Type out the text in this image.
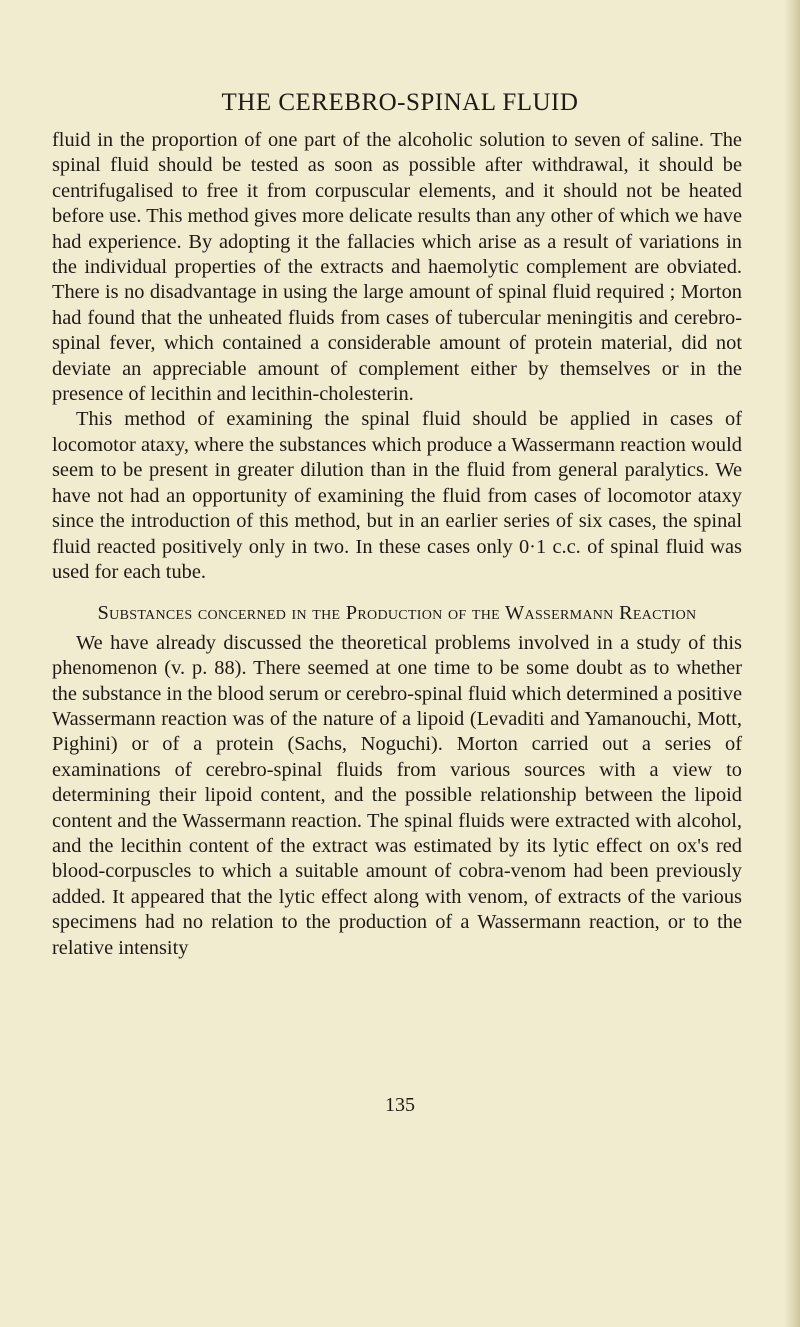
THE CEREBRO-SPINAL FLUID

fluid in the proportion of one part of the alcoholic solution to seven of saline. The spinal fluid should be tested as soon as possible after withdrawal, it should be centrifugalised to free it from corpuscular elements, and it should not be heated before use. This method gives more delicate results than any other of which we have had experience. By adopting it the fallacies which arise as a result of variations in the individual properties of the extracts and haemolytic complement are obviated. There is no disadvantage in using the large amount of spinal fluid required ; Morton had found that the unheated fluids from cases of tubercular meningitis and cerebro-spinal fever, which contained a considerable amount of protein material, did not deviate an appreciable amount of complement either by themselves or in the presence of lecithin and lecithin-cholesterin.

This method of examining the spinal fluid should be applied in cases of locomotor ataxy, where the substances which produce a Wassermann reaction would seem to be present in greater dilution than in the fluid from general paralytics. We have not had an opportunity of examining the fluid from cases of locomotor ataxy since the introduction of this method, but in an earlier series of six cases, the spinal fluid reacted positively only in two. In these cases only 0·1 c.c. of spinal fluid was used for each tube.

Substances concerned in the Production of the Wassermann Reaction

We have already discussed the theoretical problems involved in a study of this phenomenon (v. p. 88). There seemed at one time to be some doubt as to whether the substance in the blood serum or cerebro-spinal fluid which determined a positive Wassermann reaction was of the nature of a lipoid (Levaditi and Yamanouchi, Mott, Pighini) or of a protein (Sachs, Noguchi). Morton carried out a series of examinations of cerebro-spinal fluids from various sources with a view to determining their lipoid content, and the possible relationship between the lipoid content and the Wassermann reaction. The spinal fluids were extracted with alcohol, and the lecithin content of the extract was estimated by its lytic effect on ox's red blood-corpuscles to which a suitable amount of cobra-venom had been previously added. It appeared that the lytic effect along with venom, of extracts of the various specimens had no relation to the production of a Wassermann reaction, or to the relative intensity

135
